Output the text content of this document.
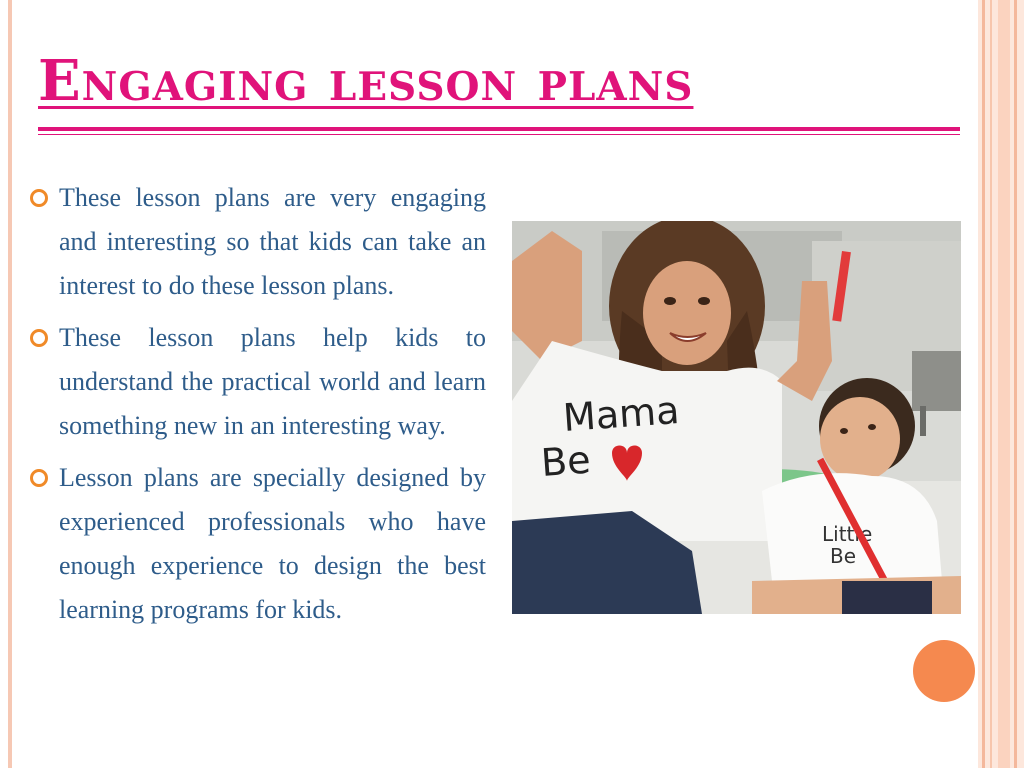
Engaging lesson plans
These lesson plans are very engaging and interesting so that kids can take an interest to do these lesson plans.
These lesson plans help kids to understand the practical world and learn something new in an interesting way.
Lesson plans are specially designed by experienced professionals who have enough experience to design the best learning programs for kids.
Mama
Be
Little
Be
